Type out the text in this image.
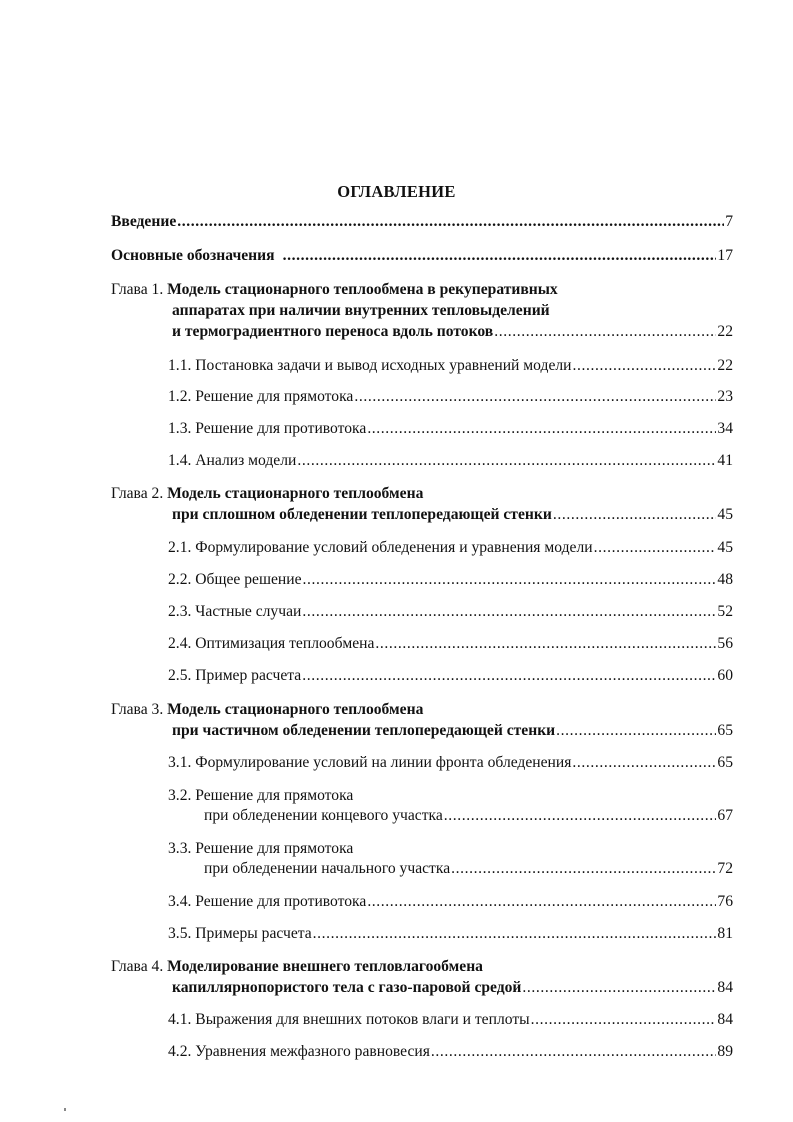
ОГЛАВЛЕНИЕ
Введение .....	7
Основные обозначения .....	17
Глава 1. Модель стационарного теплообмена в рекуперативных
аппаратах при наличии внутренних тепловыделений
и термоградиентного переноса вдоль потоков .....	22
1.1. Постановка задачи и вывод исходных уравнений модели .....	22
1.2. Решение для прямотока .....	23
1.3. Решение для противотока .....	34
1.4. Анализ модели .....	41
Глава 2. Модель стационарного теплообмена
при сплошном обледенении теплопередающей стенки .....	45
2.1. Формулирование условий обледенения и уравнения модели .....	45
2.2. Общее решение .....	48
2.3. Частные случаи .....	52
2.4. Оптимизация теплообмена .....	56
2.5. Пример расчета .....	60
Глава 3. Модель стационарного теплообмена
при частичном обледенении теплопередающей стенки .....	65
3.1. Формулирование условий на линии фронта обледенения .....	65
3.2. Решение для прямотока
при обледенении концевого участка .....	67
3.3. Решение для прямотока
при обледенении начального участка .....	72
3.4. Решение для противотока .....	76
3.5. Примеры расчета .....	81
Глава 4. Моделирование внешнего тепловлагообмена
капиллярнопористого тела с газо-паровой средой .....	84
4.1. Выражения для внешних потоков влаги и теплоты .....	84
4.2. Уравнения межфазного равновесия .....	89
